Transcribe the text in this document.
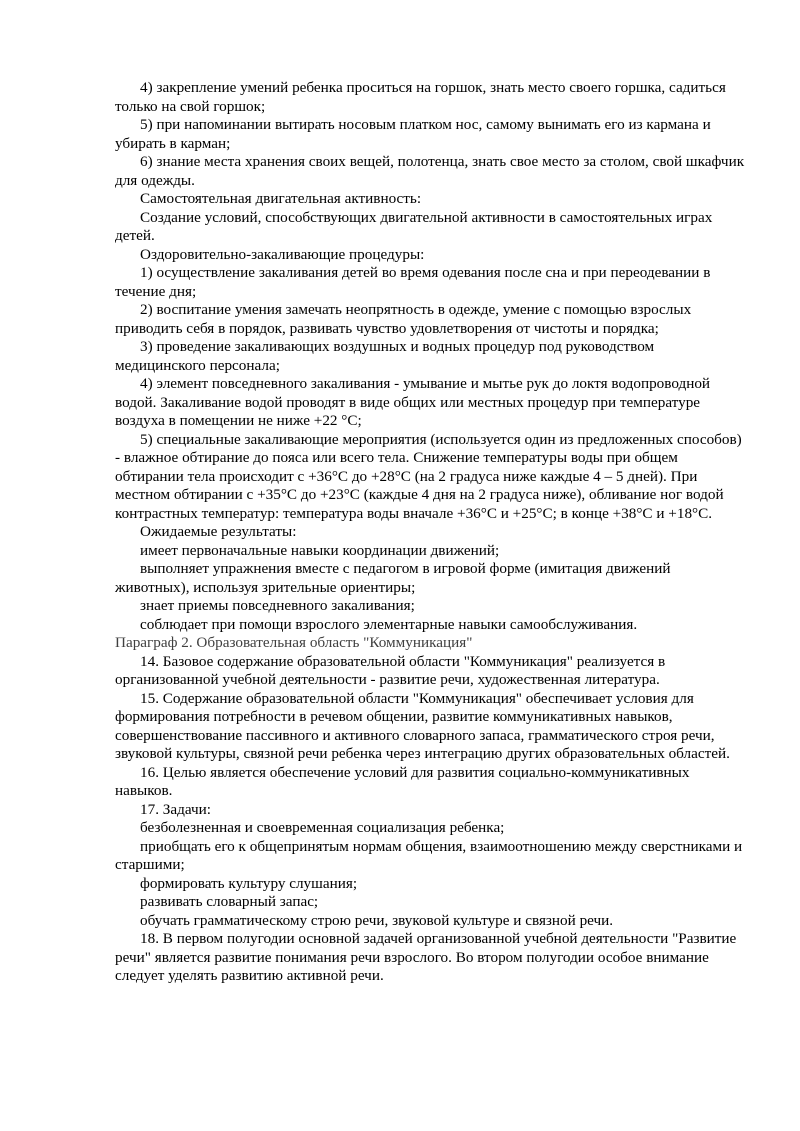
4) закрепление умений ребенка проситься на горшок, знать место своего горшка, садиться только на свой горшок;

5) при напоминании вытирать носовым платком нос, самому вынимать его из кармана и убирать в карман;

6) знание места хранения своих вещей, полотенца, знать свое место за столом, свой шкафчик для одежды.

Самостоятельная двигательная активность:

Создание условий, способствующих двигательной активности в самостоятельных играх детей.

Оздоровительно-закаливающие процедуры:

1) осуществление закаливания детей во время одевания после сна и при переодевании в течение дня;

2) воспитание умения замечать неопрятность в одежде, умение с помощью взрослых приводить себя в порядок, развивать чувство удовлетворения от чистоты и порядка;

3) проведение закаливающих воздушных и водных процедур под руководством медицинского персонала;

4) элемент повседневного закаливания - умывание и мытье рук до локтя водопроводной водой. Закаливание водой проводят в виде общих или местных процедур при температуре воздуха в помещении не ниже +22 °С;

5) специальные закаливающие мероприятия (используется один из предложенных способов) - влажное обтирание до пояса или всего тела. Снижение температуры воды при общем обтирании тела происходит с +36°С до +28°С (на 2 градуса ниже каждые 4 – 5 дней). При местном обтирании с +35°С до +23°С (каждые 4 дня на 2 градуса ниже), обливание ног водой контрастных температур: температура воды вначале +36°С и +25°С; в конце +38°С и +18°С.

Ожидаемые результаты:

имеет первоначальные навыки координации движений;

выполняет упражнения вместе с педагогом в игровой форме (имитация движений животных), используя зрительные ориентиры;

знает приемы повседневного закаливания;

соблюдает при помощи взрослого элементарные навыки самообслуживания.

Параграф 2. Образовательная область "Коммуникация"

14. Базовое содержание образовательной области "Коммуникация" реализуется в организованной учебной деятельности - развитие речи, художественная литература.

15. Содержание образовательной области "Коммуникация" обеспечивает условия для формирования потребности в речевом общении, развитие коммуникативных навыков, совершенствование пассивного и активного словарного запаса, грамматического строя речи, звуковой культуры, связной речи ребенка через интеграцию других образовательных областей.

16. Целью является обеспечение условий для развития социально-коммуникативных навыков.

17. Задачи:

безболезненная и своевременная социализация ребенка;

приобщать его к общепринятым нормам общения, взаимоотношению между сверстниками и старшими;

формировать культуру слушания;

развивать словарный запас;

обучать грамматическому строю речи, звуковой культуре и связной речи.

18. В первом полугодии основной задачей организованной учебной деятельности "Развитие речи" является развитие понимания речи взрослого. Во втором полугодии особое внимание следует уделять развитию активной речи.
